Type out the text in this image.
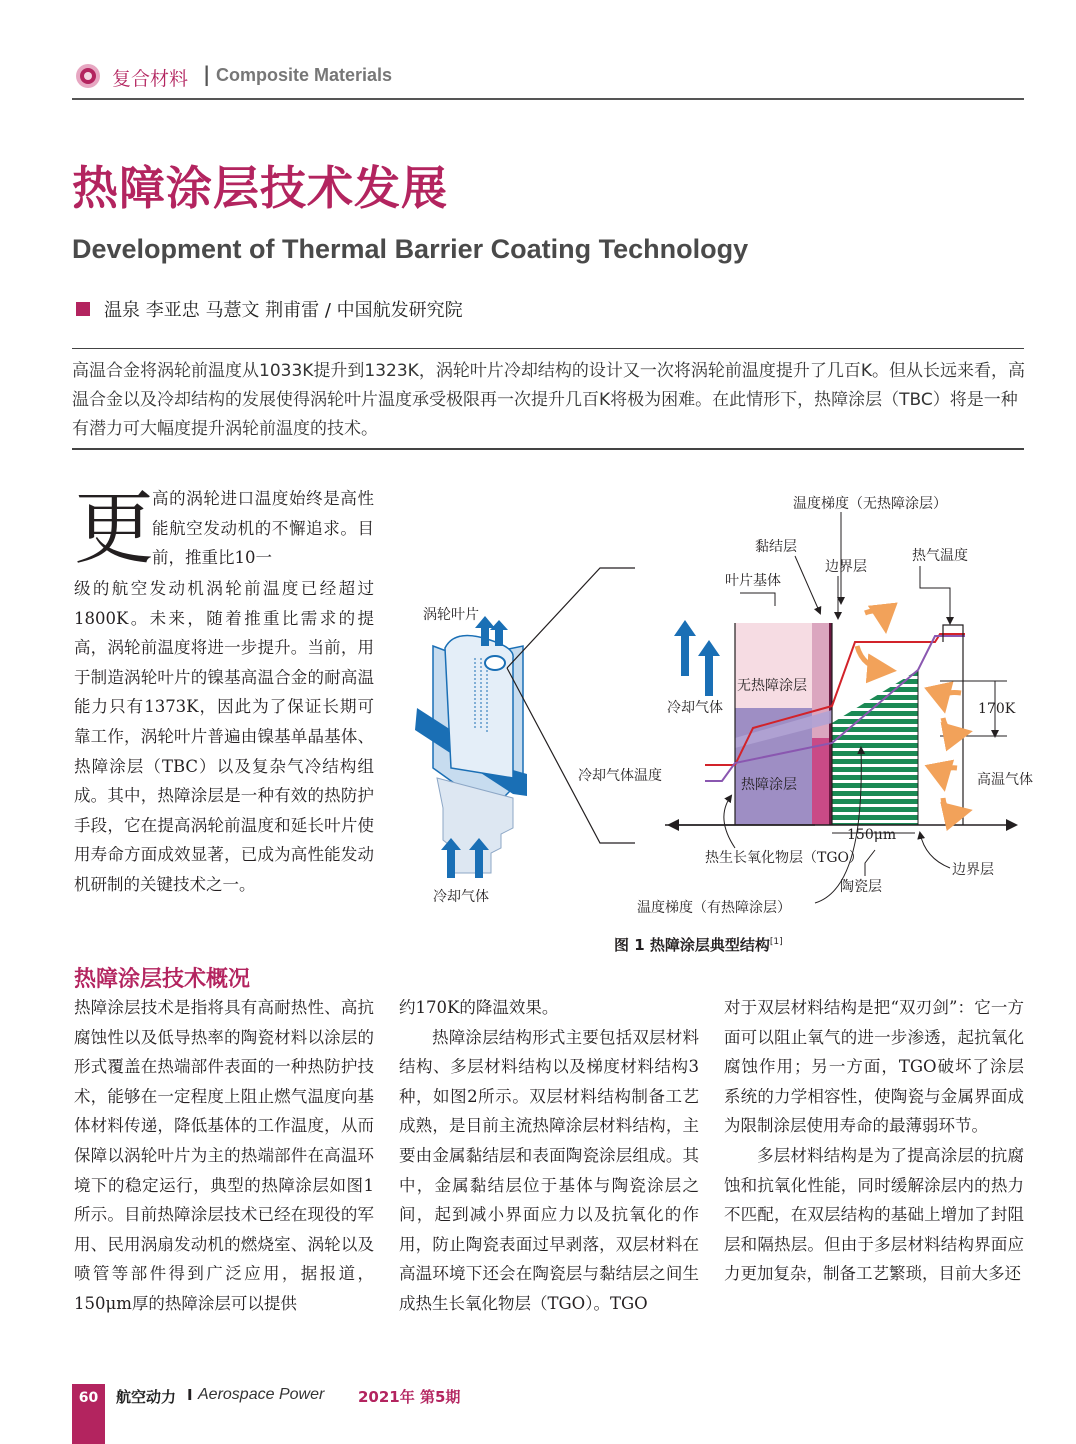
复合材料 | Composite Materials
热障涂层技术发展
Development of Thermal Barrier Coating Technology
温泉 李亚忠 马薏文 荆甫雷 / 中国航发研究院
高温合金将涡轮前温度从1033K提升到1323K，涡轮叶片冷却结构的设计又一次将涡轮前温度提升了几百K。但从长远来看，高温合金以及冷却结构的发展使得涡轮叶片温度承受极限再一次提升几百K将极为困难。在此情形下，热障涂层（TBC）将是一种有潜力可大幅度提升涡轮前温度的技术。
更
高的涡轮进口温度始终是高性能航空发动机的不懈追求。目前，推重比10一
级的航空发动机涡轮前温度已经超过1800K。未来，随着推重比需求的提高，涡轮前温度将进一步提升。当前，用于制造涡轮叶片的镍基高温合金的耐高温能力只有1373K，因此为了保证长期可靠工作，涡轮叶片普遍由镍基单晶基体、热障涂层（TBC）以及复杂气冷结构组成。其中，热障涂层是一种有效的热防护手段，它在提高涡轮前温度和延长叶片使用寿命方面成效显著，已成为高性能发动机研制的关键技术之一。
涡轮叶片
冷却气体
无热障涂层
热障涂层
170K
冷却气体
150μm
温度梯度（无热障涂层）
黏结层
边界层
热气温度
叶片基体
冷却气体温度	高温气体
热生长氧化物层（TGO）
陶瓷层
边界层
温度梯度（有热障涂层）
图 1 热障涂层典型结构[1]
热障涂层技术概况
热障涂层技术是指将具有高耐热性、高抗腐蚀性以及低导热率的陶瓷材料以涂层的形式覆盖在热端部件表面的一种热防护技术，能够在一定程度上阻止燃气温度向基体材料传递，降低基体的工作温度，从而保障以涡轮叶片为主的热端部件在高温环境下的稳定运行，典型的热障涂层如图1所示。目前热障涂层技术已经在现役的军用、民用涡扇发动机的燃烧室、涡轮以及喷管等部件得到广泛应用，据报道，150μm厚的热障涂层可以提供
约170K的降温效果。
热障涂层结构形式主要包括双层材料结构、多层材料结构以及梯度材料结构3种，如图2所示。双层材料结构制备工艺成熟，是目前主流热障涂层材料结构，主要由金属黏结层和表面陶瓷涂层组成。其中，金属黏结层位于基体与陶瓷涂层之间，起到减小界面应力以及抗氧化的作用，防止陶瓷表面过早剥落，双层材料在高温环境下还会在陶瓷层与黏结层之间生成热生长氧化物层（TGO）。TGO
对于双层材料结构是把“双刃剑”：它一方面可以阻止氧气的进一步渗透，起抗氧化腐蚀作用；另一方面，TGO破坏了涂层系统的力学相容性，使陶瓷与金属界面成为限制涂层使用寿命的最薄弱环节。
多层材料结构是为了提高涂层的抗腐蚀和抗氧化性能，同时缓解涂层内的热力不匹配，在双层结构的基础上增加了封阻层和隔热层。但由于多层材料结构界面应力更加复杂，制备工艺繁琐，目前大多还
60	航空动力 I Aerospace Power 2021年 第5期
